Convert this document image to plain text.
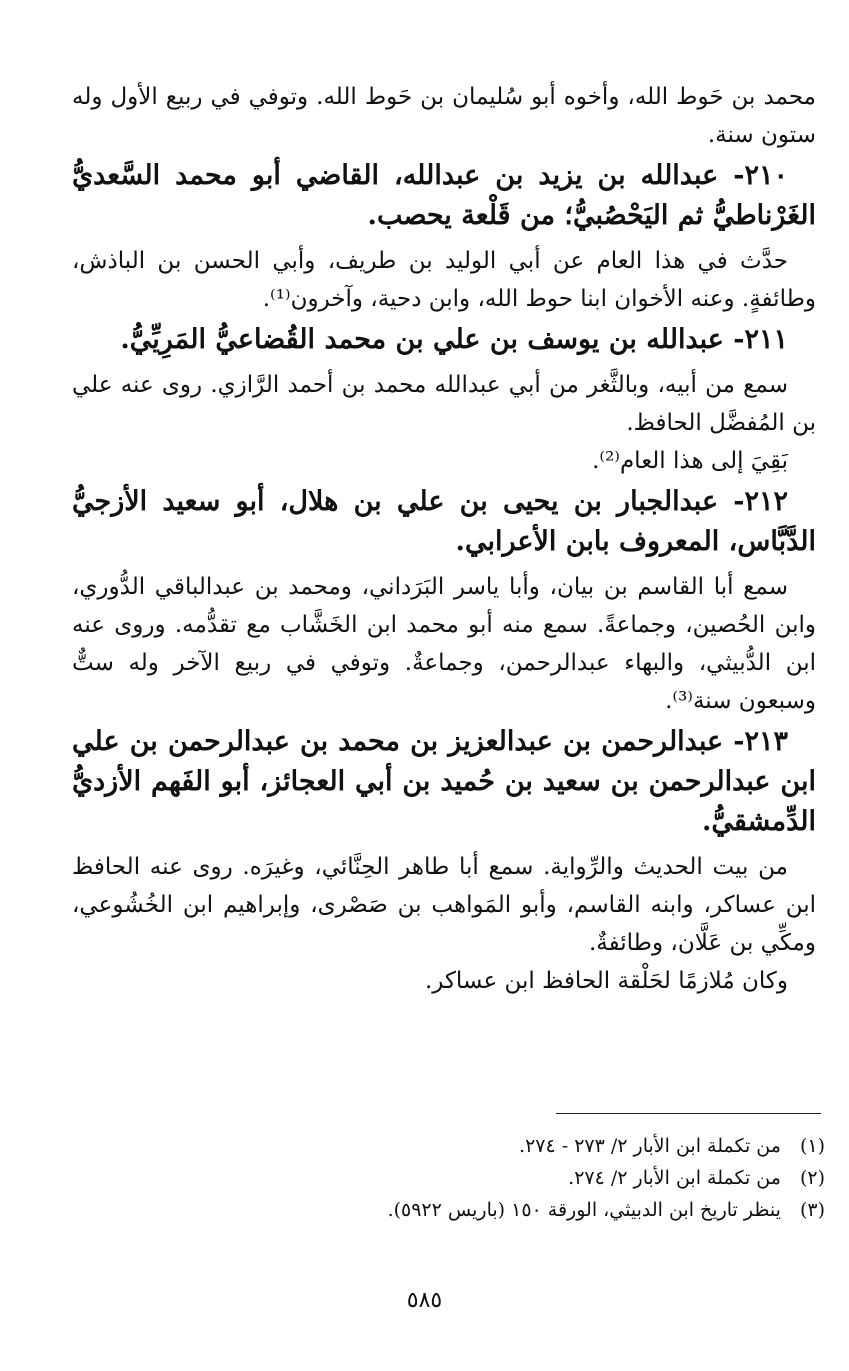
محمد بن حَوط الله، وأخوه أبو سُليمان بن حَوط الله. وتوفي في ربيع الأول وله ستون سنة.

٢١٠- عبدالله بن يزيد بن عبدالله، القاضي أبو محمد السَّعديُّ الغَرْناطيُّ ثم اليَحْصُبيُّ؛ من قَلْعة يحصب.

حدَّث في هذا العام عن أبي الوليد بن طريف، وأبي الحسن بن الباذش، وطائفةٍ. وعنه الأخوان ابنا حوط الله، وابن دحية، وآخرون⁽¹⁾.

٢١١- عبدالله بن يوسف بن علي بن محمد القُضاعيُّ المَرِيِّيُّ.

سمع من أبيه، وبالثَّغر من أبي عبدالله محمد بن أحمد الرَّازي. روى عنه علي بن المُفضَّل الحافظ.

بَقِيَ إلى هذا العام⁽²⁾.

٢١٢- عبدالجبار بن يحيى بن علي بن هلال، أبو سعيد الأزجيُّ الدَّبَّاس، المعروف بابن الأعرابي.

سمع أبا القاسم بن بيان، وأبا ياسر البَرَداني، ومحمد بن عبدالباقي الدُّوري، وابن الحُصين، وجماعةً. سمع منه أبو محمد ابن الخَشَّاب مع تقدُّمه. وروى عنه ابن الدُّبيثي، والبهاء عبدالرحمن، وجماعةٌ. وتوفي في ربيع الآخر وله ستٌّ وسبعون سنة⁽³⁾.

٢١٣- عبدالرحمن بن عبدالعزيز بن محمد بن عبدالرحمن بن علي ابن عبدالرحمن بن سعيد بن حُميد بن أبي العجائز، أبو الفَهم الأزديُّ الدِّمشقيُّ.

من بيت الحديث والرِّواية. سمع أبا طاهر الحِنَّائي، وغيرَه. روى عنه الحافظ ابن عساكر، وابنه القاسم، وأبو المَواهب بن صَصْرى، وإبراهيم ابن الخُشُوعي، ومكِّي بن عَلَّان، وطائفةٌ.

وكان مُلازمًا لحَلْقة الحافظ ابن عساكر.

(١) من تكملة ابن الأبار ٢/ ٢٧٣ - ٢٧٤.
(٢) من تكملة ابن الأبار ٢/ ٢٧٤.
(٣) ينظر تاريخ ابن الدبيثي، الورقة ١٥٠ (باريس ٥٩٢٢).
٥٨٥
